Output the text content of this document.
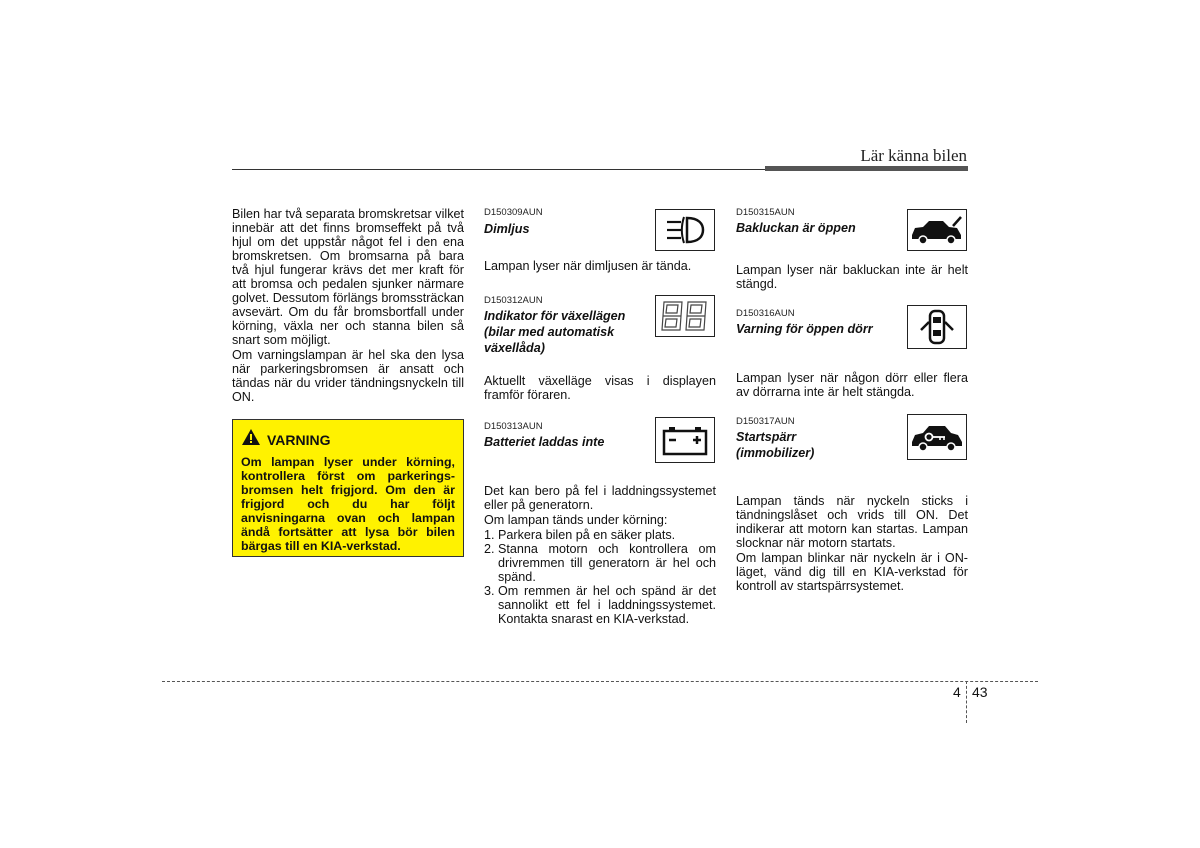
Lär känna bilen

Bilen har två separata bromskretsar vilket innebär att det finns bromseffekt på två hjul om det uppstår något fel i den ena bromskretsen. Om bromsarna på bara två hjul fungerar krävs det mer kraft för att bromsa och pedalen sjunker närmare golvet. Dessutom förlängs bromssträckan avsevärt. Om du får bromsbortfall under körning, växla ner och stanna bilen så snart som möjligt.

Om varningslampan är hel ska den lysa när parkeringsbromsen är ansatt och tändas när du vrider tändningsnyckeln till ON.

VARNING
Om lampan lyser under körning, kontrollera först om parkerings-bromsen helt frigjord. Om den är frigjord och du har följt anvisningarna ovan och lampan ändå fortsätter att lysa bör bilen bärgas till en KIA-verkstad.
D150309AUN
Dimljus
Lampan lyser när dimljusen är tända.
D150312AUN
Indikator för växellägen
(bilar med automatisk
växellåda)
Aktuellt växelläge visas i displayen framför föraren.
D150313AUN
Batteriet laddas inte

Det kan bero på fel i laddningssystemet eller på generatorn.

Om lampan tänds under körning:

1. Parkera bilen på en säker plats.
2. Stanna motorn och kontrollera om drivremmen till generatorn är hel och spänd.
3. Om remmen är hel och spänd är det sannolikt ett fel i laddningssystemet. Kontakta snarast en KIA-verkstad.
D150315AUN
Bakluckan är öppen
Lampan lyser när bakluckan inte är helt stängd.
D150316AUN
Varning för öppen dörr
Lampan lyser när någon dörr eller flera av dörrarna inte är helt stängda.
D150317AUN
Startspärr
(immobilizer)

Lampan tänds när nyckeln sticks i tändningslåset och vrids till ON. Det indikerar att motorn kan startas. Lampan slocknar när motorn startats.

Om lampan blinkar när nyckeln är i ON-läget, vänd dig till en KIA-verkstad för kontroll av startspärrsystemet.

4 43
